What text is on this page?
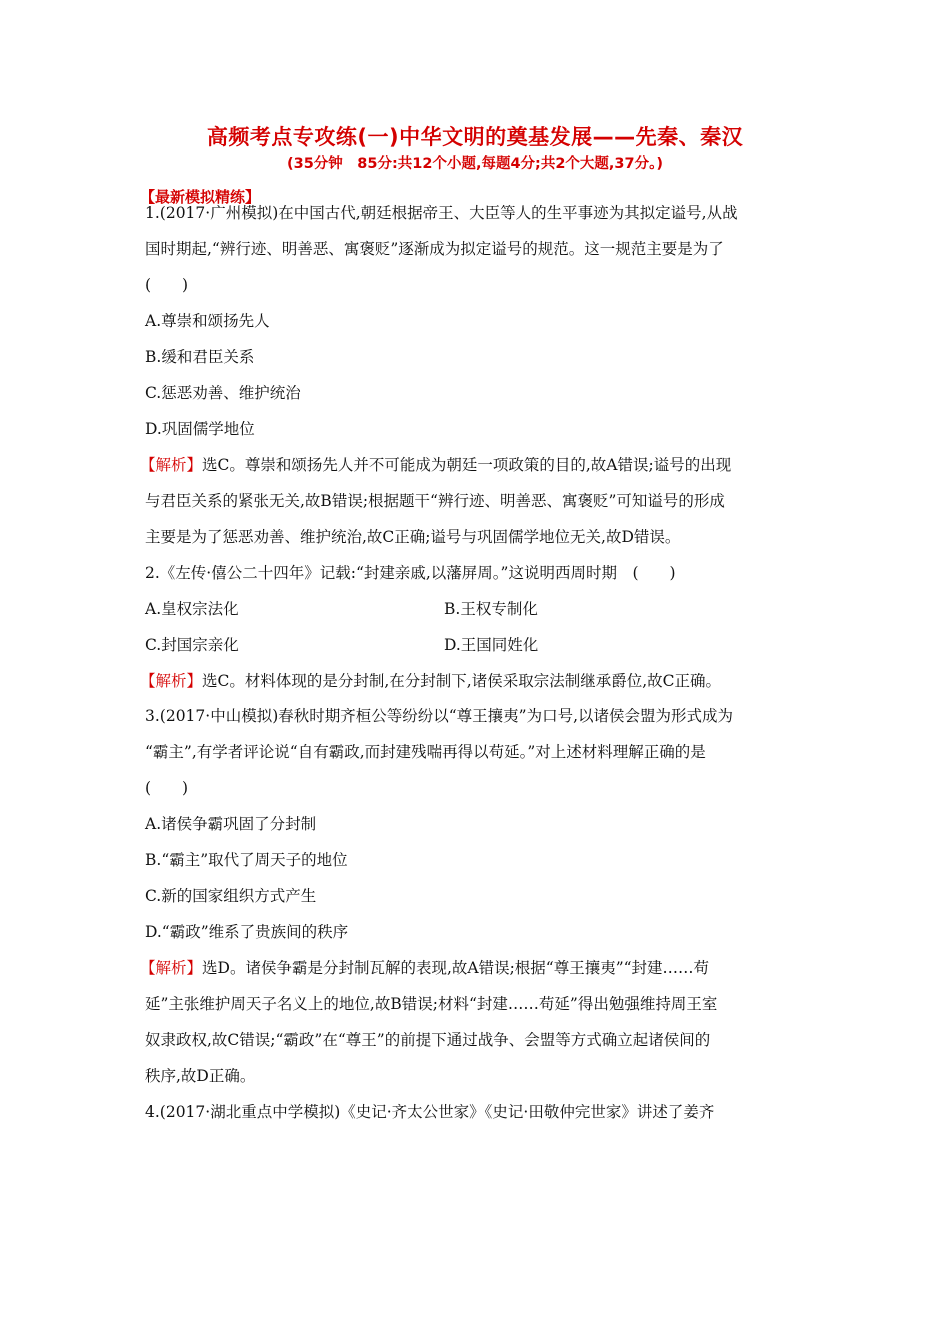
高频考点专攻练(一)中华文明的奠基发展——先秦、秦汉
(35分钟　85分:共12个小题,每题4分;共2个大题,37分。)
【最新模拟精练】
1.(2017·广州模拟)在中国古代,朝廷根据帝王、大臣等人的生平事迹为其拟定谥号,从战
国时期起,“辨行迹、明善恶、寓褒贬”逐渐成为拟定谥号的规范。这一规范主要是为了
(　　)
A.尊崇和颂扬先人
B.缓和君臣关系
C.惩恶劝善、维护统治
D.巩固儒学地位
【解析】选C。尊崇和颂扬先人并不可能成为朝廷一项政策的目的,故A错误;谥号的出现
与君臣关系的紧张无关,故B错误;根据题干“辨行迹、明善恶、寓褒贬”可知谥号的形成
主要是为了惩恶劝善、维护统治,故C正确;谥号与巩固儒学地位无关,故D错误。
2.《左传·僖公二十四年》记载:“封建亲戚,以藩屏周。”这说明西周时期　(　　)
A.皇权宗法化	B.王权专制化
C.封国宗亲化	D.王国同姓化
【解析】选C。材料体现的是分封制,在分封制下,诸侯采取宗法制继承爵位,故C正确。
3.(2017·中山模拟)春秋时期齐桓公等纷纷以“尊王攘夷”为口号,以诸侯会盟为形式成为
“霸主”,有学者评论说“自有霸政,而封建残喘再得以苟延。”对上述材料理解正确的是
(　　)
A.诸侯争霸巩固了分封制
B.“霸主”取代了周天子的地位
C.新的国家组织方式产生
D.“霸政”维系了贵族间的秩序
【解析】选D。诸侯争霸是分封制瓦解的表现,故A错误;根据“尊王攘夷”“封建……苟
延”主张维护周天子名义上的地位,故B错误;材料“封建……苟延”得出勉强维持周王室
奴隶政权,故C错误;“霸政”在“尊王”的前提下通过战争、会盟等方式确立起诸侯间的
秩序,故D正确。
4.(2017·湖北重点中学模拟)《史记·齐太公世家》《史记·田敬仲完世家》讲述了姜齐
